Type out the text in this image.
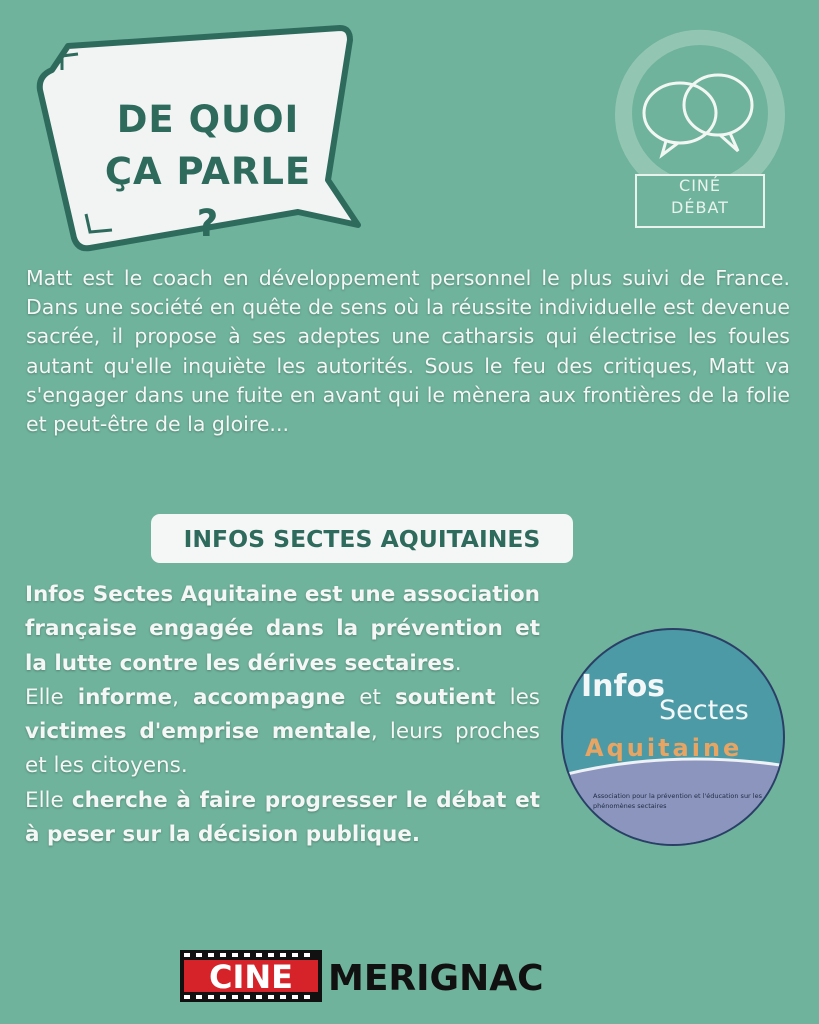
DE QUOI
ÇA PARLE ?
CINÉ
DÉBAT
Matt est le coach en développement personnel le plus suivi de France. Dans une société en quête de sens où la réussite individuelle est devenue sacrée, il propose à ses adeptes une catharsis qui électrise les foules autant qu'elle inquiète les autorités. Sous le feu des critiques, Matt va s'engager dans une fuite en avant qui le mènera aux frontières de la folie et peut-être de la gloire...
INFOS SECTES AQUITAINES

Infos Sectes Aquitaine est une association française engagée dans la prévention et la lutte contre les dérives sectaires.

Elle informe, accompagne et soutient les victimes d'emprise mentale, leurs proches et les citoyens.

Elle cherche à faire progresser le débat et à peser sur la décision publique.

Infos
Sectes
Aquitaine
Association pour la prévention et l'éducation sur les
phénomènes sectaires
CINE MERIGNAC
